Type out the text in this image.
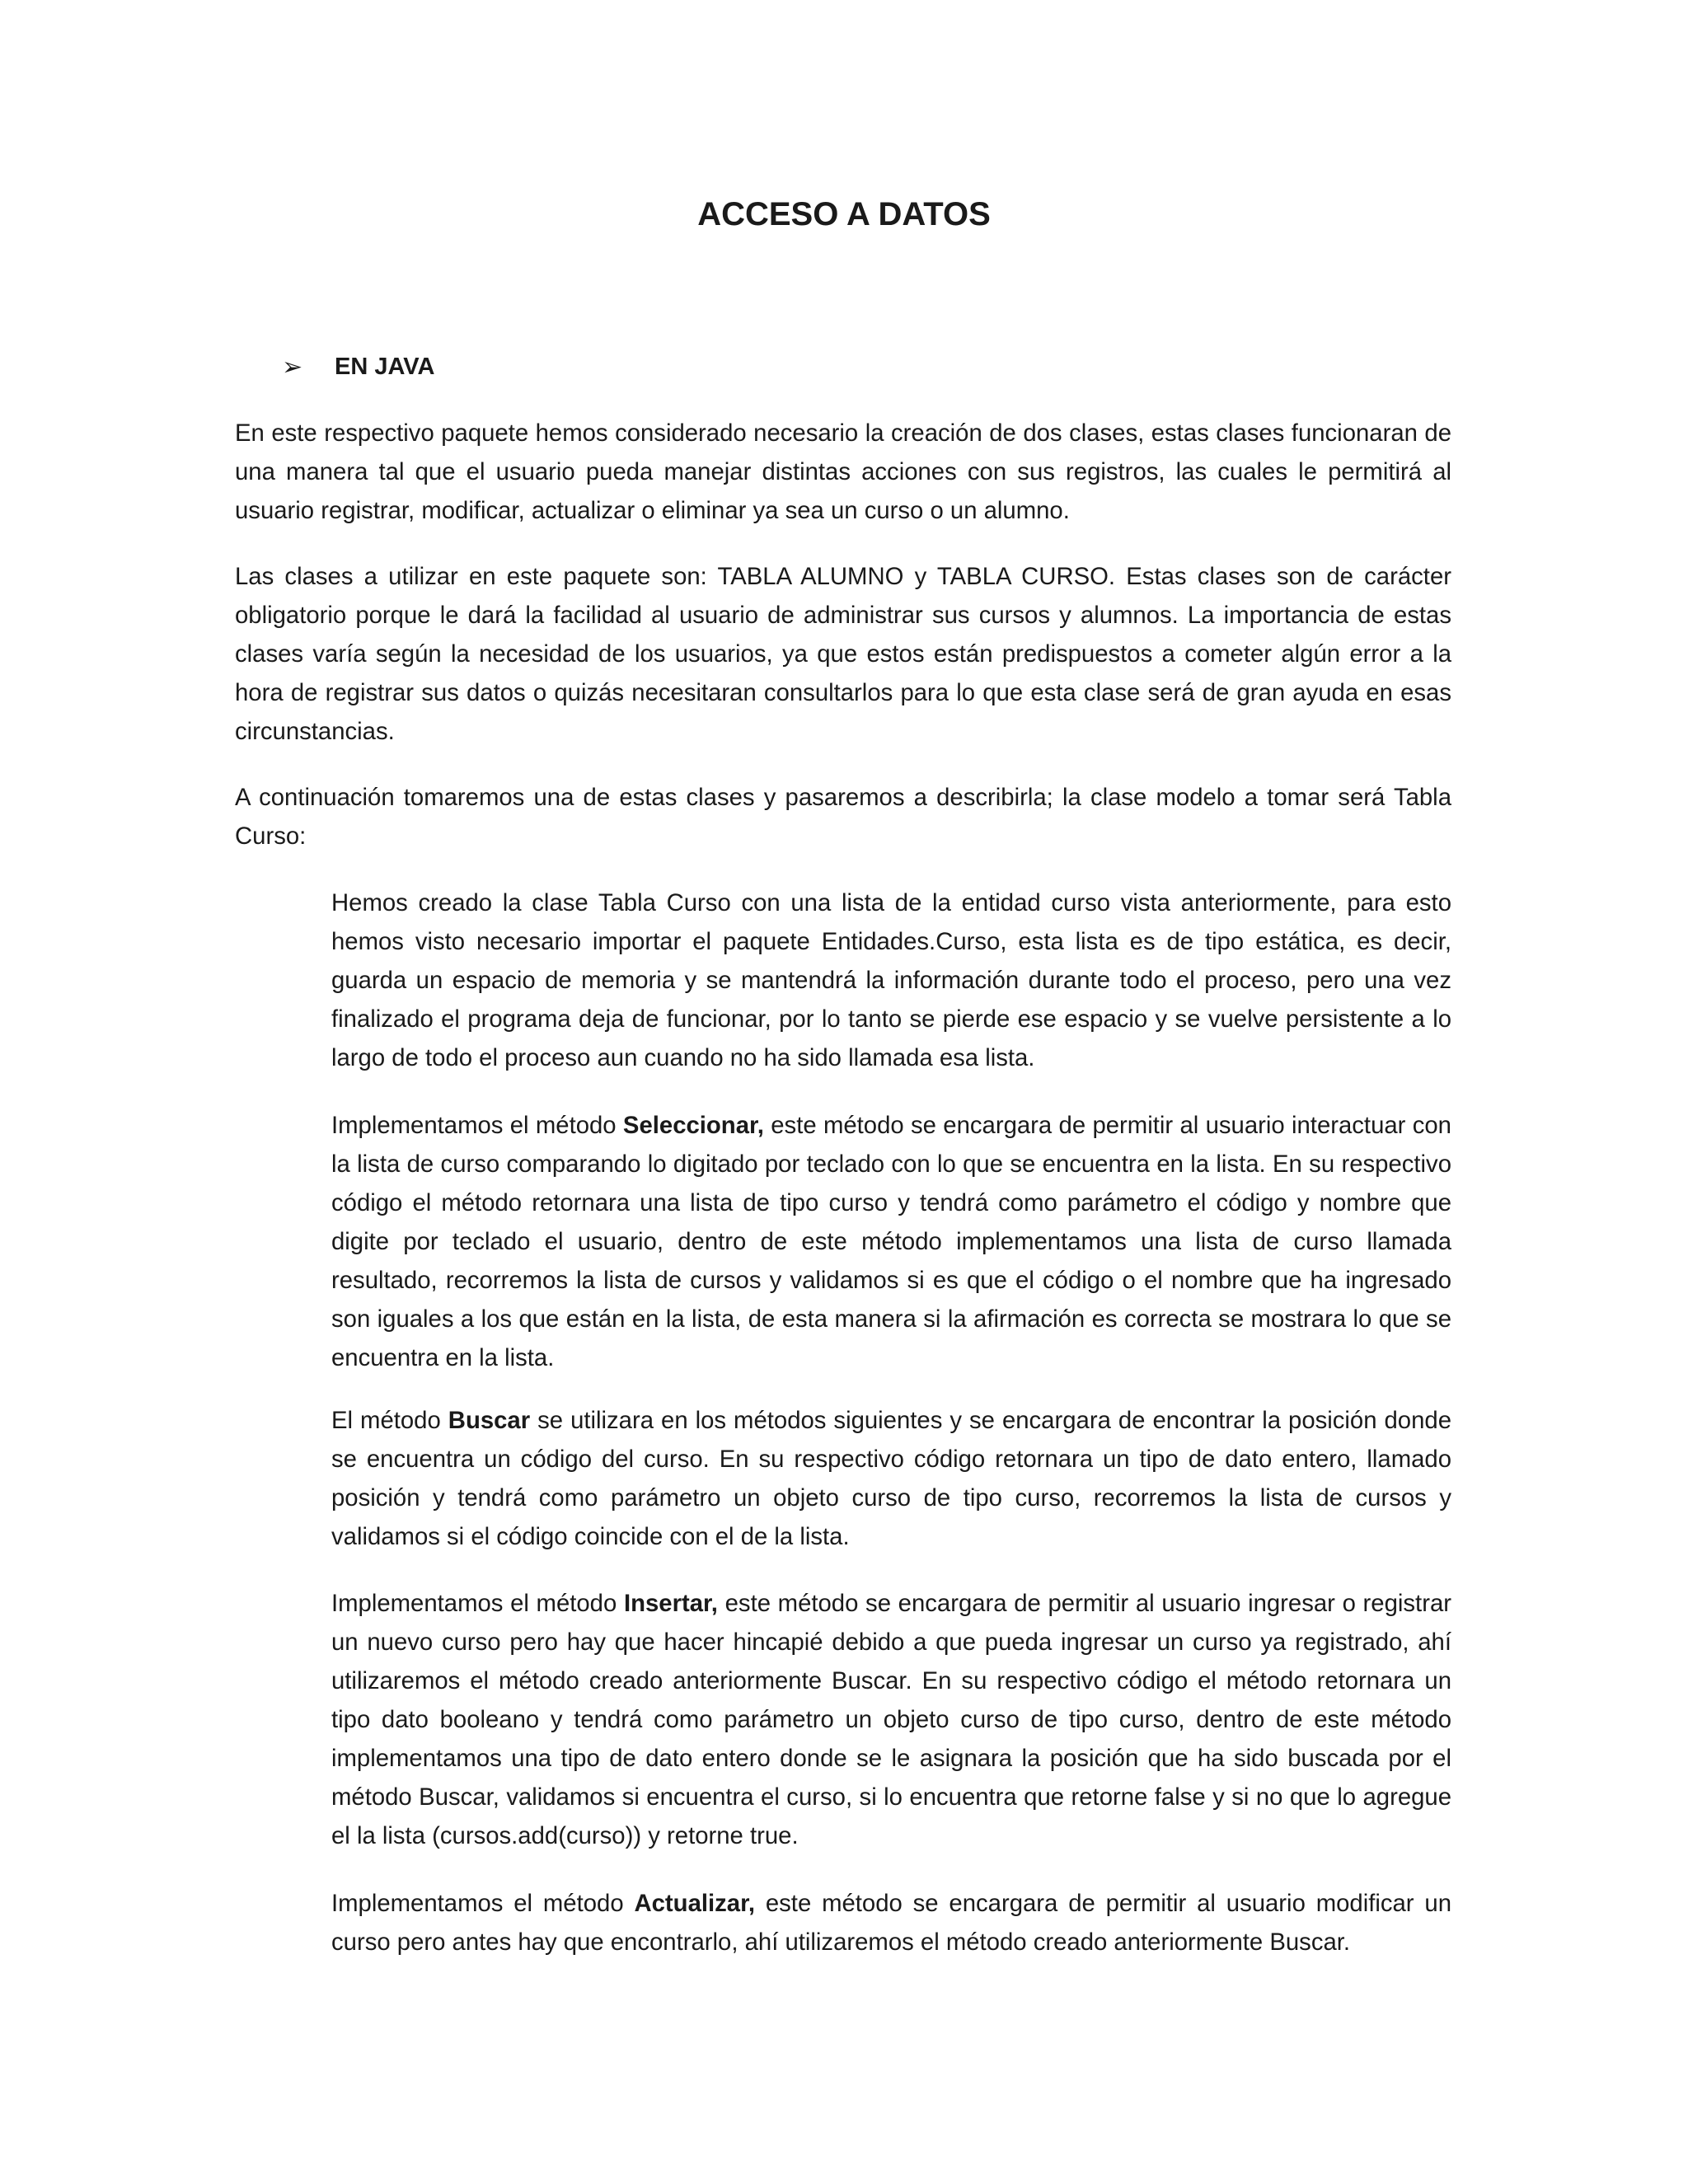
ACCESO A DATOS
➢	EN JAVA
En este respectivo paquete hemos considerado necesario la creación de dos clases, estas clases funcionaran de una manera tal que el usuario pueda manejar distintas acciones con sus registros, las cuales le permitirá al usuario registrar, modificar, actualizar o eliminar ya sea un curso o un alumno.
Las clases a utilizar en este paquete son: TABLA ALUMNO y TABLA CURSO. Estas clases son de carácter obligatorio porque le dará la facilidad al usuario de administrar sus cursos y alumnos. La importancia de estas clases varía según la necesidad de los usuarios, ya que estos están predispuestos a cometer algún error a la hora de registrar sus datos o quizás necesitaran consultarlos para lo que esta clase será de gran ayuda en esas circunstancias.
A continuación tomaremos una de estas clases y pasaremos a describirla; la clase modelo a tomar será Tabla Curso:
Hemos creado la clase Tabla Curso con una lista de la entidad curso vista anteriormente, para esto hemos visto necesario importar el paquete Entidades.Curso, esta lista es de tipo estática, es decir, guarda un espacio de memoria y se mantendrá la información durante todo el proceso, pero una vez finalizado el programa deja de funcionar, por lo tanto se pierde ese espacio y se vuelve persistente a lo largo de todo el proceso aun cuando no ha sido llamada esa lista.
Implementamos el método Seleccionar, este método se encargara de permitir al usuario interactuar con la lista de curso comparando lo digitado por teclado con lo que se encuentra en la lista. En su respectivo código el método retornara una lista de tipo curso y tendrá como parámetro el código y nombre que digite por teclado el usuario, dentro de este método implementamos una lista de curso llamada resultado, recorremos la lista de cursos y validamos si es que el código o el nombre que ha ingresado son iguales a los que están en la lista, de esta manera si la afirmación es correcta se mostrara lo que se encuentra en la lista.
El método Buscar se utilizara en los métodos siguientes y se encargara de encontrar la posición donde se encuentra un código del curso. En su respectivo código retornara un tipo de dato entero, llamado posición y tendrá como parámetro un objeto curso de tipo curso, recorremos la lista de cursos y validamos si el código coincide con el de la lista.
Implementamos el método Insertar, este método se encargara de permitir al usuario ingresar o registrar un nuevo curso pero hay que hacer hincapié debido a que pueda ingresar un curso ya registrado, ahí utilizaremos el método creado anteriormente Buscar. En su respectivo código el método retornara un tipo dato booleano y tendrá como parámetro un objeto curso de tipo curso, dentro de este método implementamos una tipo de dato entero donde se le asignara la posición que ha sido buscada por el método Buscar, validamos si encuentra el curso, si lo encuentra que retorne false y si no que lo agregue el la lista (cursos.add(curso)) y retorne true.
Implementamos el método Actualizar, este método se encargara de permitir al usuario modificar un curso pero antes hay que encontrarlo, ahí utilizaremos el método creado anteriormente Buscar.
